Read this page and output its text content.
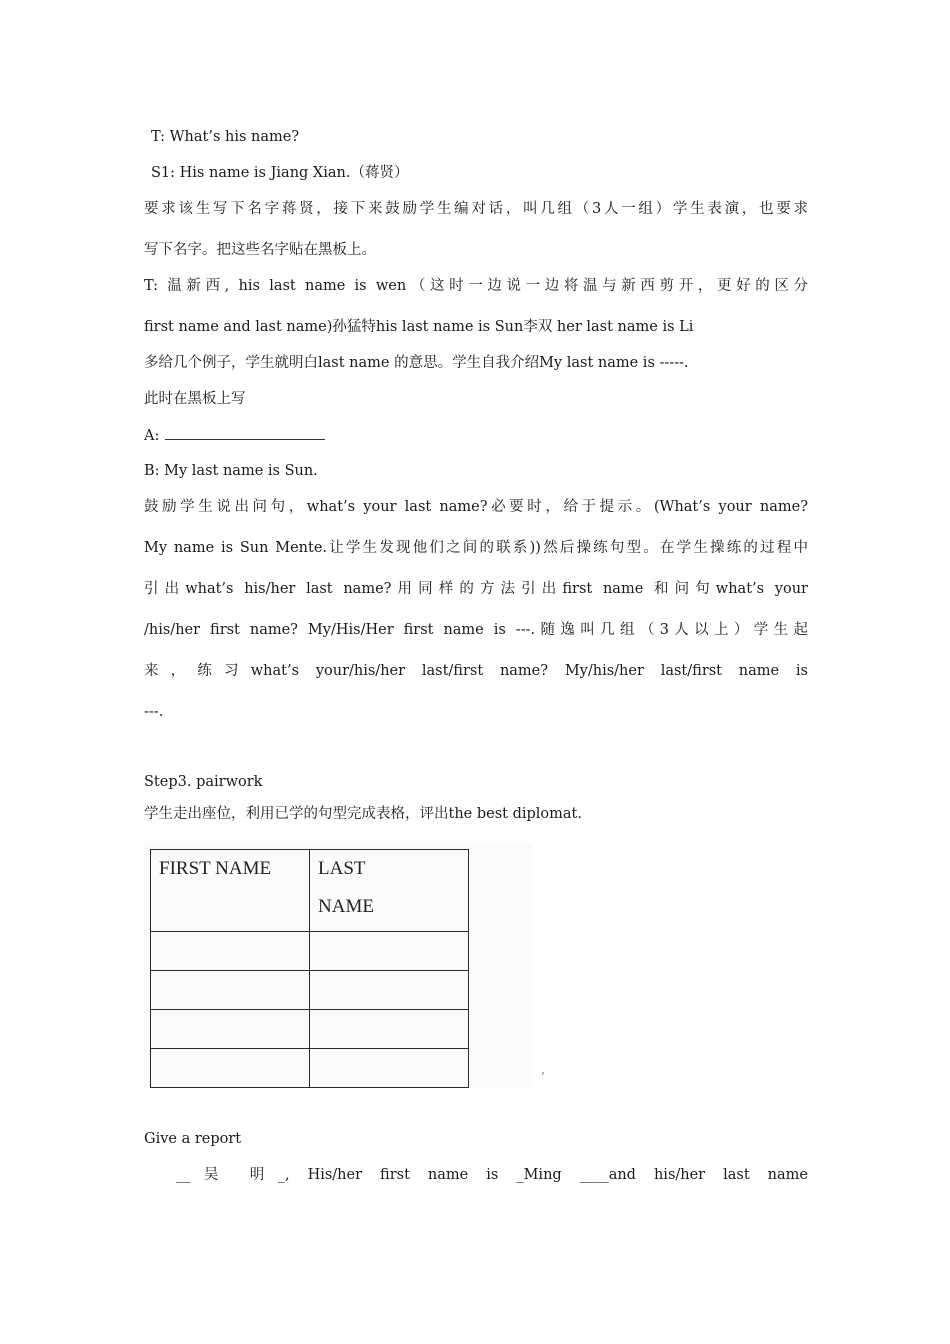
T: What’s his name?
S1: His name is Jiang Xian.（蒋贤）
要求该生写下名字蒋贤，接下来鼓励学生编对话，叫几组（3人一组）学生表演，也要求
写下名字。把这些名字贴在黑板上。
T: 温新西, his last name is wen（这时一边说一边将温与新西剪开，更好的区分
first name and last name)孙猛特his last name is Sun李双 her last name is Li
多给几个例子，学生就明白last name 的意思。学生自我介绍My last name is -----.
此时在黑板上写
A:
B: My last name is Sun.
鼓励学生说出问句，what’s your last name?必要时，给于提示。(What’s your name?
My name is Sun Mente.让学生发现他们之间的联系))然后操练句型。在学生操练的过程中
引出what’s his/her last name?用同样的方法引出first name 和问句what’s your
/his/her first name? My/His/Her first name is ---.随逸叫几组（3人以上）学生起
来，练习what’s your/his/her last/first name? My/his/her last/first name is
---.
Step3. pairwork
学生走出座位，利用已学的句型完成表格，评出the best diplomat.
FIRST NAME	LAST
NAME

‘
Give a report
__吴 明_, His/her first name is _Ming ____and his/her last name
